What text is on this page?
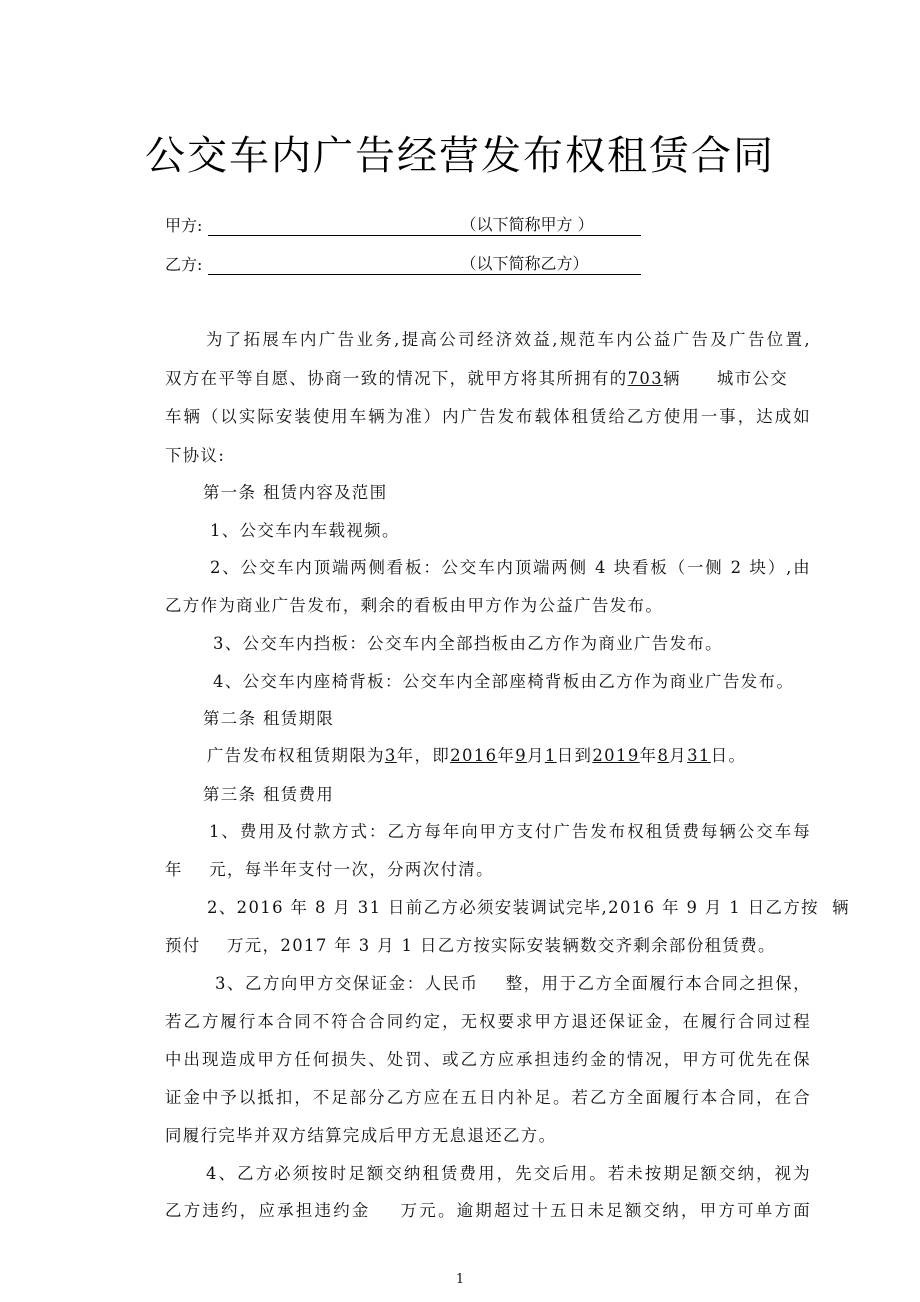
公交车内广告经营发布权租赁合同
甲方:	（以下简称甲方 ）
乙方:	（以下简称乙方）
为了拓展车内广告业务,提高公司经济效益,规范车内公益广告及广告位置,
双方在平等自愿、协商一致的情况下，就甲方将其所拥有的703辆 城市公交
车辆（以实际安装使用车辆为准）内广告发布载体租赁给乙方使用一事，达成如
下协议:
第一条 租赁内容及范围
1、公交车内车载视频。
2、公交车内顶端两侧看板：公交车内顶端两侧 4 块看板（一侧 2 块）,由
乙方作为商业广告发布，剩余的看板由甲方作为公益广告发布。
3、公交车内挡板：公交车内全部挡板由乙方作为商业广告发布。
4、公交车内座椅背板：公交车内全部座椅背板由乙方作为商业广告发布。
第二条 租赁期限
广告发布权租赁期限为3年，即2016年9月1日到2019年8月31日。
第三条 租赁费用
1、费用及付款方式：乙方每年向甲方支付广告发布权租赁费每辆公交车每
年    元，每半年支付一次，分两次付清。
2、2016 年 8 月 31 日前乙方必须安装调试完毕,2016 年 9 月 1 日乙方按  辆
预付    万元，2017 年 3 月 1 日乙方按实际安装辆数交齐剩余部份租赁费。
3、乙方向甲方交保证金：人民币    整，用于乙方全面履行本合同之担保，
若乙方履行本合同不符合合同约定，无权要求甲方退还保证金，在履行合同过程
中出现造成甲方任何损失、处罚、或乙方应承担违约金的情况，甲方可优先在保
证金中予以抵扣，不足部分乙方应在五日内补足。若乙方全面履行本合同，在合
同履行完毕并双方结算完成后甲方无息退还乙方。
4、乙方必须按时足额交纳租赁费用，先交后用。若未按期足额交纳，视为
乙方违约，应承担违约金    万元。逾期超过十五日未足额交纳，甲方可单方面
1
